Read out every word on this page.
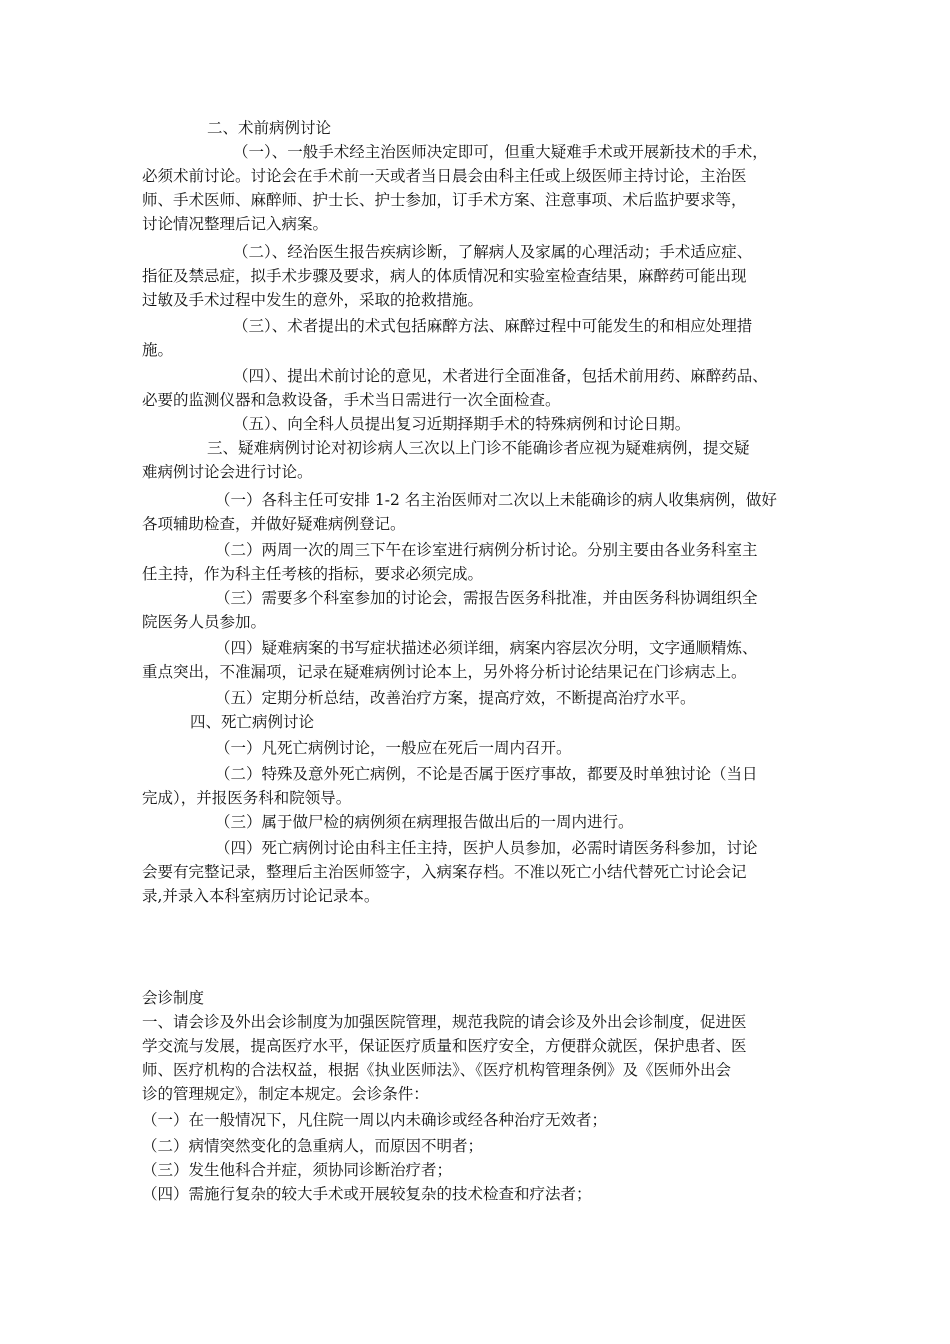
二、术前病例讨论
（一）、一般手术经主治医师决定即可，但重大疑难手术或开展新技术的手术，
必须术前讨论。讨论会在手术前一天或者当日晨会由科主任或上级医师主持讨论，主治医
师、手术医师、麻醉师、护士长、护士参加，订手术方案、注意事项、术后监护要求等，
讨论情况整理后记入病案。
（二）、经治医生报告疾病诊断，了解病人及家属的心理活动；手术适应症、
指征及禁忌症，拟手术步骤及要求，病人的体质情况和实验室检查结果，麻醉药可能出现
过敏及手术过程中发生的意外，采取的抢救措施。
（三）、术者提出的术式包括麻醉方法、麻醉过程中可能发生的和相应处理措
施。
（四）、提出术前讨论的意见，术者进行全面准备，包括术前用药、麻醉药品、
必要的监测仪器和急救设备，手术当日需进行一次全面检查。
（五）、向全科人员提出复习近期择期手术的特殊病例和讨论日期。
三、疑难病例讨论对初诊病人三次以上门诊不能确诊者应视为疑难病例，提交疑
难病例讨论会进行讨论。
（一）各科主任可安排 1-2 名主治医师对二次以上未能确诊的病人收集病例，做好
各项辅助检查，并做好疑难病例登记。
（二）两周一次的周三下午在诊室进行病例分析讨论。分别主要由各业务科室主
任主持，作为科主任考核的指标，要求必须完成。
（三）需要多个科室参加的讨论会，需报告医务科批准，并由医务科协调组织全
院医务人员参加。
（四）疑难病案的书写症状描述必须详细，病案内容层次分明，文字通顺精炼、
重点突出，不准漏项，记录在疑难病例讨论本上，另外将分析讨论结果记在门诊病志上。
（五）定期分析总结，改善治疗方案，提高疗效，不断提高治疗水平。
四、死亡病例讨论
（一）凡死亡病例讨论，一般应在死后一周内召开。
（二）特殊及意外死亡病例，不论是否属于医疗事故，都要及时单独讨论（当日
完成），并报医务科和院领导。
（三）属于做尸检的病例须在病理报告做出后的一周内进行。
（四）死亡病例讨论由科主任主持，医护人员参加，必需时请医务科参加，讨论
会要有完整记录，整理后主治医师签字，入病案存档。不准以死亡小结代替死亡讨论会记
录,并录入本科室病历讨论记录本。
会诊制度
一、请会诊及外出会诊制度为加强医院管理，规范我院的请会诊及外出会诊制度，促进医
学交流与发展，提高医疗水平，保证医疗质量和医疗安全，方便群众就医，保护患者、医
师、医疗机构的合法权益，根据《执业医师法》、《医疗机构管理条例》及《医师外出会
诊的管理规定》，制定本规定。会诊条件：
（一）在一般情况下，凡住院一周以内未确诊或经各种治疗无效者；
（二）病情突然变化的急重病人，而原因不明者；
（三）发生他科合并症，须协同诊断治疗者；
（四）需施行复杂的较大手术或开展较复杂的技术检查和疗法者；
